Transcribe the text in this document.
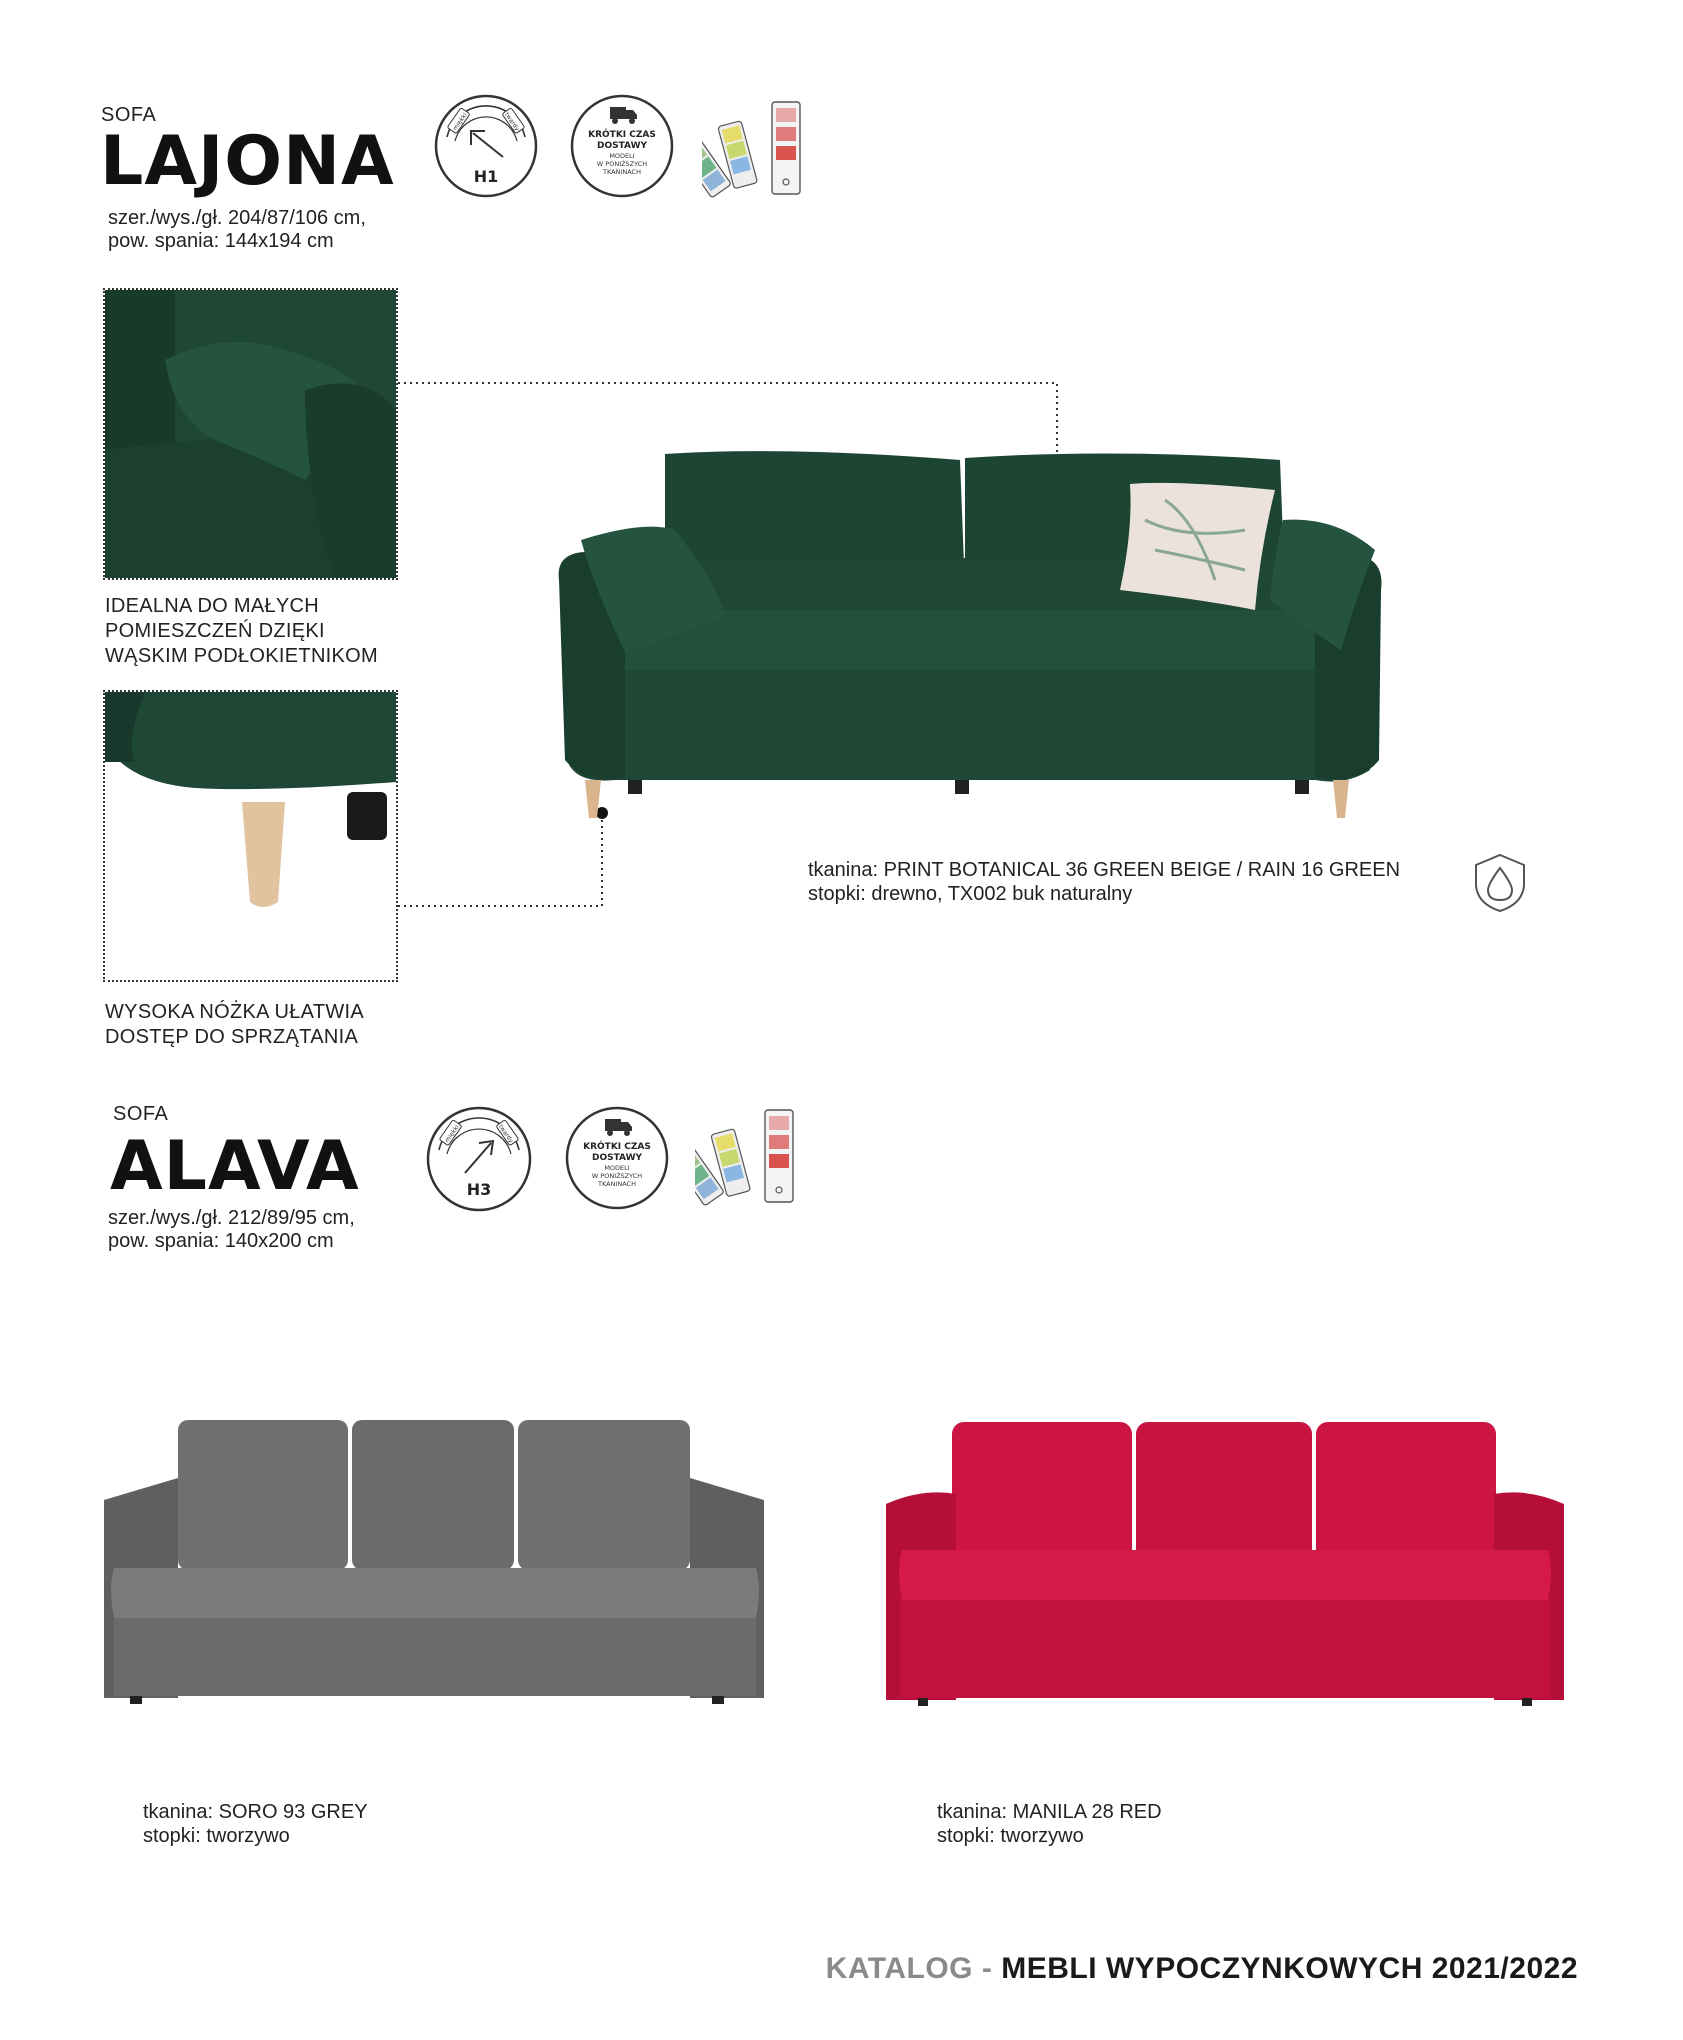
SOFA
LAJONA
szer./wys./gł. 204/87/106 cm,
pow. spania: 144x194 cm
miękki	twardy
H1
KRÓTKI CZAS
DOSTAWY
MODELI
W PONIŻSZYCH
TKANINACH
IDEALNA DO MAŁYCH
POMIESZCZEŃ DZIĘKI
WĄSKIM PODŁOKIETNIKOM
WYSOKA NÓŻKA UŁATWIA
DOSTĘP DO SPRZĄTANIA
tkanina: PRINT BOTANICAL 36 GREEN BEIGE / RAIN 16 GREEN
stopki: drewno, TX002 buk naturalny
SOFA
ALAVA
szer./wys./gł. 212/89/95 cm,
pow. spania: 140x200 cm
miękki	twardy
H3
KRÓTKI CZAS
DOSTAWY
MODELI
W PONIŻSZYCH
TKANINACH
tkanina: SORO 93 GREY
stopki: tworzywo
tkanina: MANILA 28 RED
stopki: tworzywo
KATALOG - MEBLI WYPOCZYNKOWYCH 2021/2022
